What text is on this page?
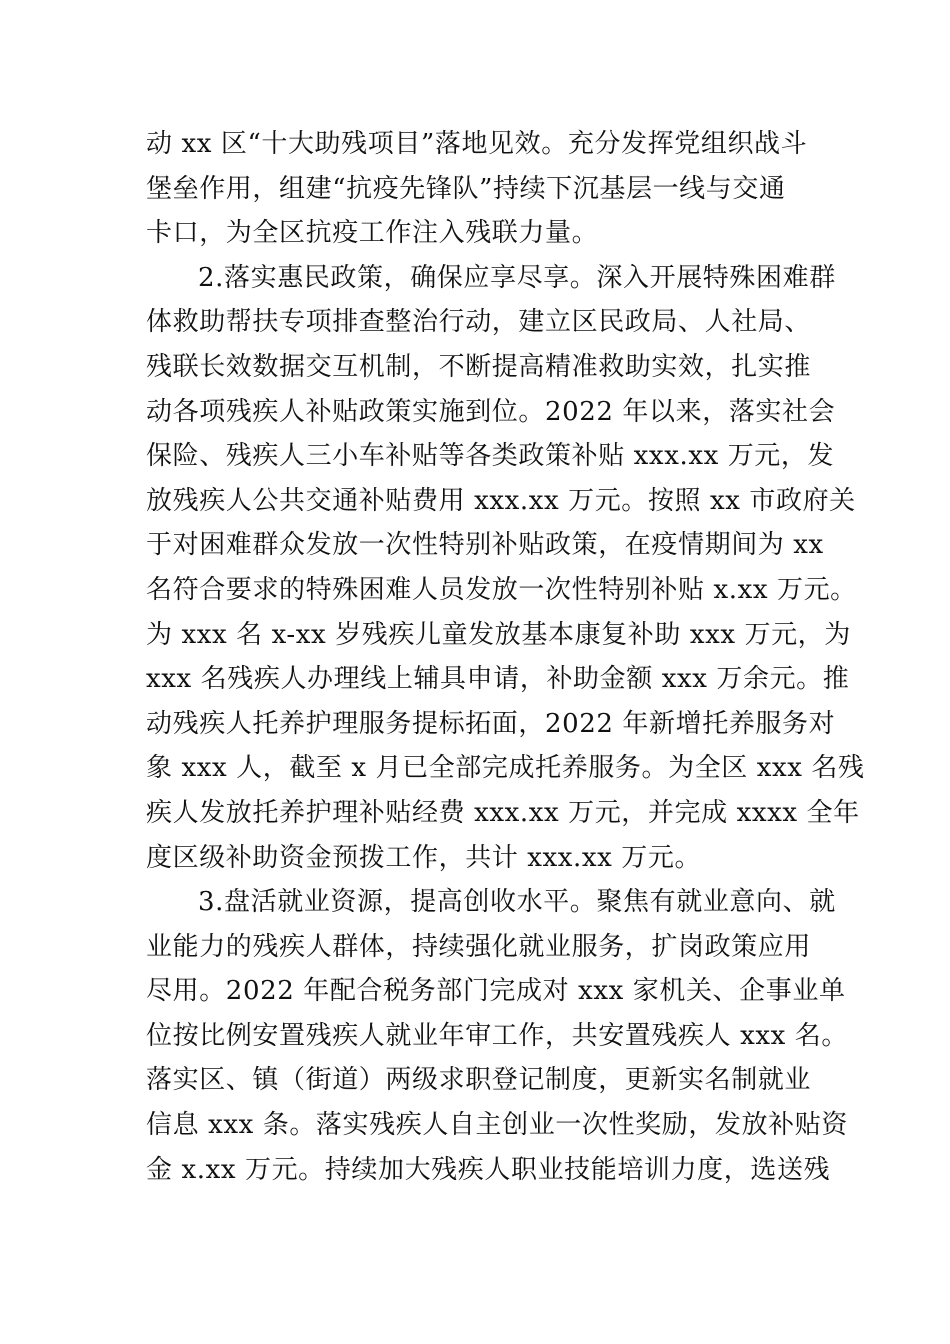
动 xx 区“十大助残项目”落地见效。充分发挥党组织战斗
堡垒作用，组建“抗疫先锋队”持续下沉基层一线与交通
卡口，为全区抗疫工作注入残联力量。
2.落实惠民政策，确保应享尽享。深入开展特殊困难群
体救助帮扶专项排查整治行动，建立区民政局、人社局、
残联长效数据交互机制，不断提高精准救助实效，扎实推
动各项残疾人补贴政策实施到位。2022 年以来，落实社会
保险、残疾人三小车补贴等各类政策补贴 xxx.xx 万元，发
放残疾人公共交通补贴费用 xxx.xx 万元。按照 xx 市政府关
于对困难群众发放一次性特别补贴政策，在疫情期间为 xx
名符合要求的特殊困难人员发放一次性特别补贴 x.xx 万元。
为 xxx 名 x-xx 岁残疾儿童发放基本康复补助 xxx 万元，为
xxx 名残疾人办理线上辅具申请，补助金额 xxx 万余元。推
动残疾人托养护理服务提标拓面，2022 年新增托养服务对
象 xxx 人，截至 x 月已全部完成托养服务。为全区 xxx 名残
疾人发放托养护理补贴经费 xxx.xx 万元，并完成 xxxx 全年
度区级补助资金预拨工作，共计 xxx.xx 万元。
3.盘活就业资源，提高创收水平。聚焦有就业意向、就
业能力的残疾人群体，持续强化就业服务，扩岗政策应用
尽用。2022 年配合税务部门完成对 xxx 家机关、企事业单
位按比例安置残疾人就业年审工作，共安置残疾人 xxx 名。
落实区、镇（街道）两级求职登记制度，更新实名制就业
信息 xxx 条。落实残疾人自主创业一次性奖励，发放补贴资
金 x.xx 万元。持续加大残疾人职业技能培训力度，选送残
